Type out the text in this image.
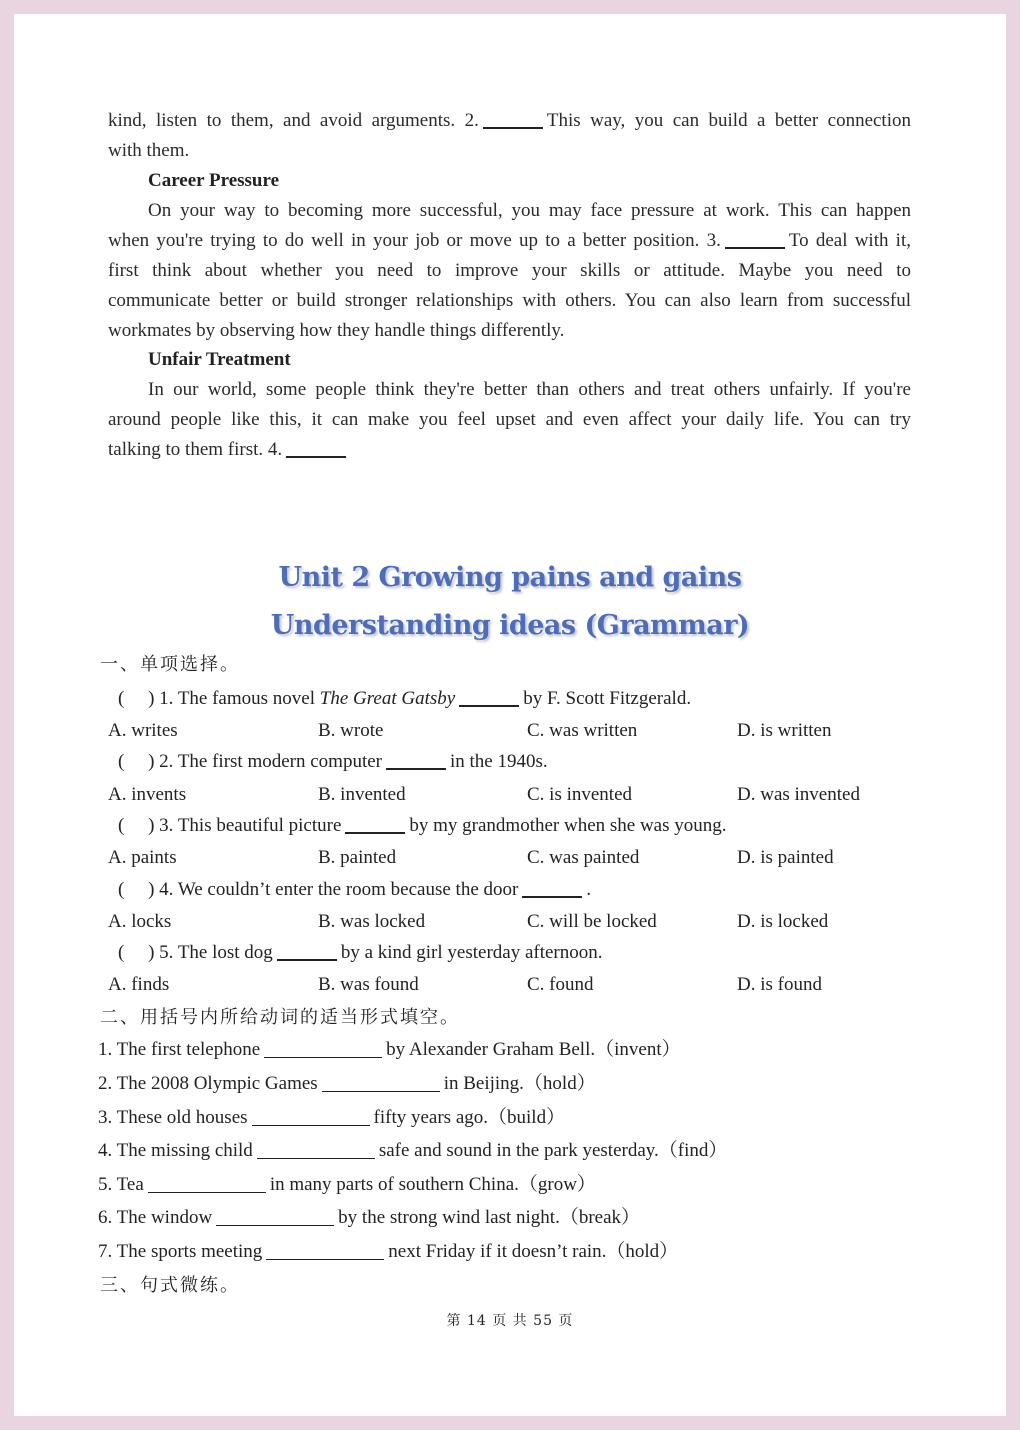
kind, listen to them, and avoid arguments. 2.	This way, you can build a better connection
with them.
Career Pressure
On your way to becoming more successful, you may face pressure at work. This can happen
when you're trying to do well in your job or move up to a better position. 3.	To deal with it,
first think about whether you need to improve your skills or attitude. Maybe you need to
communicate better or build stronger relationships with others. You can also learn from successful
workmates by observing how they handle things differently.
Unfair Treatment
In our world, some people think they're better than others and treat others unfairly. If you're
around people like this, it can make you feel upset and even affect your daily life. You can try
talking to them first. 4.
Unit 2 Growing pains and gains
Understanding ideas (Grammar)
一、单项选择。
(　 ) 1. The famous novel The Great Gatsby	by F. Scott Fitzgerald.
A. writes	B. wrote	C. was written	D. is written
(　 ) 2. The first modern computer	in the 1940s.
A. invents	B. invented	C. is invented	D. was invented
(　 ) 3. This beautiful picture	by my grandmother when she was young.
A. paints	B. painted	C. was painted	D. is painted
(　 ) 4. We couldn’t enter the room because the door	.
A. locks	B. was locked	C. will be locked	D. is locked
(　 ) 5. The lost dog	by a kind girl yesterday afternoon.
A. finds	B. was found	C. found	D. is found
二、用括号内所给动词的适当形式填空。
1. The first telephone	by Alexander Graham Bell.（invent）
2. The 2008 Olympic Games	in Beijing.（hold）
3. These old houses	fifty years ago.（build）
4. The missing child	safe and sound in the park yesterday.（find）
5. Tea	in many parts of southern China.（grow）
6. The window	by the strong wind last night.（break）
7. The sports meeting	next Friday if it doesn’t rain.（hold）
三、句式微练。
第 14 页 共 55 页
